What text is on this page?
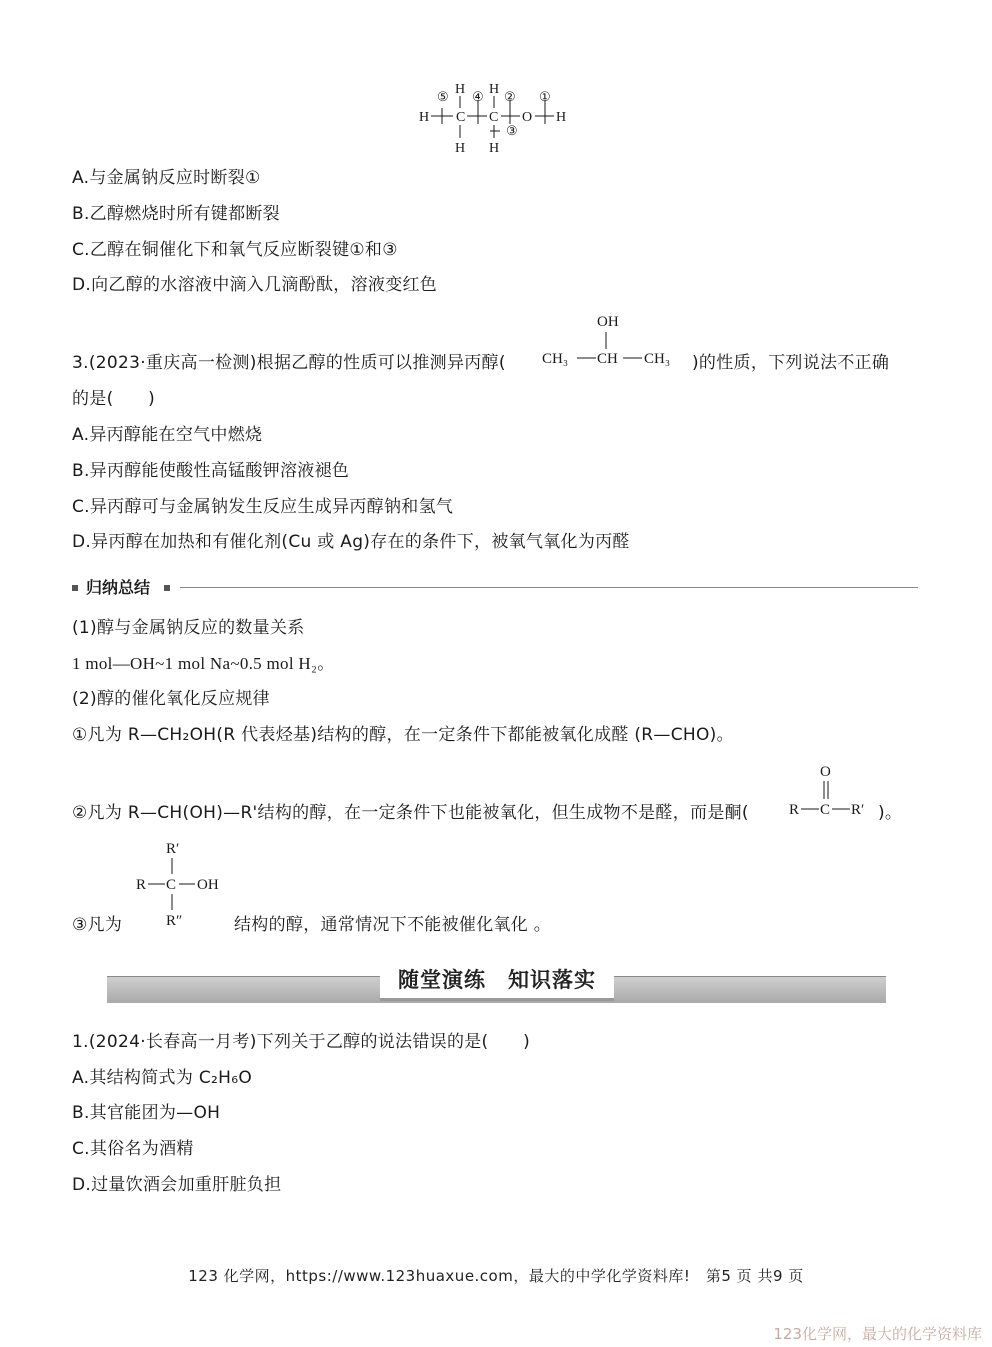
H C C O H
H
H
H
H
⑤ ④ ② ①
③
A.与金属钠反应时断裂①
B.乙醇燃烧时所有键都断裂
C.乙醇在铜催化下和氧气反应断裂键①和③
D.向乙醇的水溶液中滴入几滴酚酞，溶液变红色
3.(2023·重庆高一检测)根据乙醇的性质可以推测异丙醇(
OH
CH₃ CH CH₃ )的性质，下列说法不正确
的是(　　)
A.异丙醇能在空气中燃烧
B.异丙醇能使酸性高锰酸钾溶液褪色
C.异丙醇可与金属钠发生反应生成异丙醇钠和氢气
D.异丙醇在加热和有催化剂(Cu 或 Ag)存在的条件下，被氧气氧化为丙醛
归纳总结
(1)醇与金属钠反应的数量关系
1 mol—OH~1 mol Na~0.5 mol H₂。
(2)醇的催化氧化反应规律
①凡为 R—CH₂OH(R 代表烃基)结构的醇，在一定条件下都能被氧化成醛 (R—CHO)。
②凡为 R—CH(OH)—R'结构的醇，在一定条件下也能被氧化，但生成物不是醛，而是酮(
O
R C R′ )。
R′
R C OH
R″
③凡为	结构的醇，通常情况下不能被催化氧化 。
随堂演练　知识落实
1.(2024·长春高一月考)下列关于乙醇的说法错误的是(　　)
A.其结构简式为 C₂H₆O
B.其官能团为—OH
C.其俗名为酒精
D.过量饮酒会加重肝脏负担
123 化学网，https://www.123huaxue.com，最大的中学化学资料库!　第5 页 共9 页
123化学网，最大的化学资料库
